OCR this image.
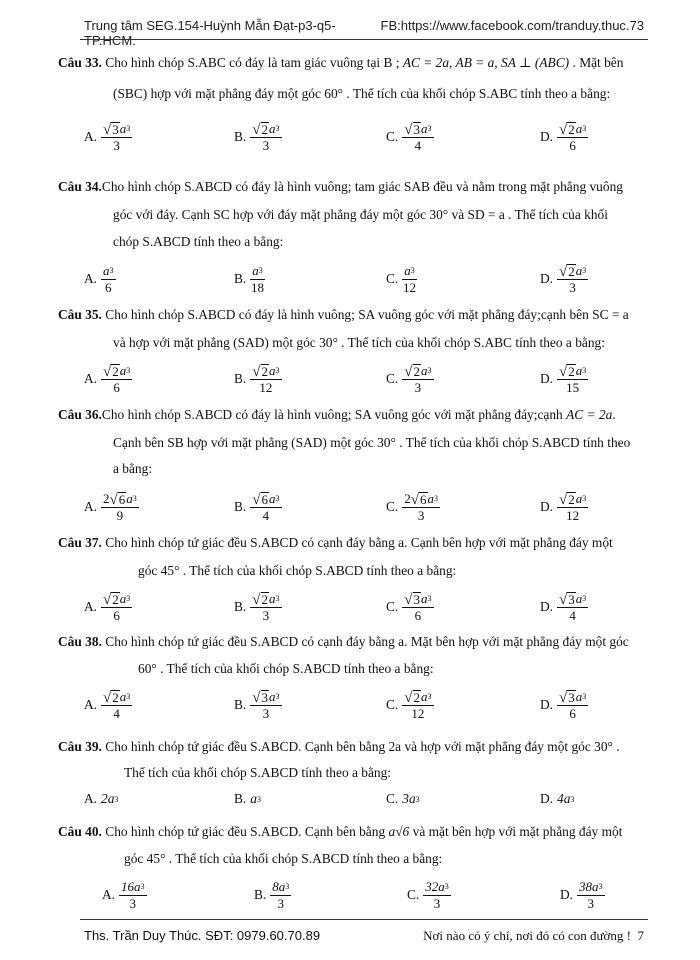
Trung tâm SEG.154-Huỳnh Mẫn Đạt-p3-q5-TP.HCM.
FB:https://www.facebook.com/tranduy.thuc.73
Câu 33. Cho hình chóp S.ABC có đáy là tam giác vuông tại B ; AC = 2a, AB = a, SA ⊥ (ABC) . Mặt bên
(SBC) hợp với mặt phẳng đáy một góc 60° . Thể tích của khối chóp S.ABC tính theo a bằng:
A. $\frac{√ 3 a 3}{3}$	B. $\frac{√ 2 a 3}{3}$	C. $\frac{√ 3 a 3}{4}$	D. $\frac{√ 2 a 3}{6}$
Câu 34.Cho hình chóp S.ABCD có đáy là hình vuông; tam giác SAB đều và nằm trong mặt phẳng vuông
góc với đáy. Cạnh SC hợp với đáy mặt phẳng đáy một góc 30° và SD = a . Thể tích của khối
chóp S.ABCD tính theo a bằng:
A. $\frac{a 3}{6}$	B. $\frac{a 3}{18}$	C. $\frac{a 3}{12}$	D. $\frac{√ 2 a 3}{3}$
Câu 35. Cho hình chóp S.ABCD có đáy là hình vuông; SA vuông góc với mặt phẳng đáy;cạnh bên SC = a
và hợp với mặt phẳng (SAD) một góc 30° . Thể tích của khối chóp S.ABC tính theo a bằng:
A. $\frac{√ 2 a 3}{6}$	B. $\frac{√ 2 a 3}{12}$	C. $\frac{√ 2 a 3}{3}$	D. $\frac{√ 2 a 3}{15}$
Câu 36.Cho hình chóp S.ABCD có đáy là hình vuông; SA vuông góc với mặt phẳng đáy;cạnh AC = 2a.
Cạnh bên SB hợp với mặt phẳng (SAD) một góc 30° . Thể tích của khối chóp S.ABCD tính theo
a bằng:
A. $\frac{2 √ 6 a 3}{9}$	B. $\frac{√ 6 a 3}{4}$	C. $\frac{2 √ 6 a 3}{3}$	D. $\frac{√ 2 a 3}{12}$
Câu 37. Cho hình chóp tứ giác đều S.ABCD có cạnh đáy bằng a. Cạnh bên hợp với mặt phẳng đáy một
góc 45° . Thể tích của khối chóp S.ABCD tính theo a bằng:
A. $\frac{√ 2 a 3}{6}$	B. $\frac{√ 2 a 3}{3}$	C. $\frac{√ 3 a 3}{6}$	D. $\frac{√ 3 a 3}{4}$
Câu 38. Cho hình chóp tứ giác đều S.ABCD có cạnh đáy bằng a. Mặt bên hợp với mặt phẳng đáy một góc
60° . Thể tích của khối chóp S.ABCD tính theo a bằng:
A. $\frac{√ 2 a 3}{4}$	B. $\frac{√ 3 a 3}{3}$	C. $\frac{√ 2 a 3}{12}$	D. $\frac{√ 3 a 3}{6}$
Câu 39. Cho hình chóp tứ giác đều S.ABCD. Cạnh bên bằng 2a và hợp với mặt phẳng đáy một góc 30° .
Thể tích của khối chóp S.ABCD tính theo a bằng:
A. 2a 3	B. a 3	C. 3a 3	D. 4a 3
Câu 40. Cho hình chóp tứ giác đều S.ABCD. Cạnh bên bằng a√6 và mặt bên hợp với mặt phẳng đáy một
góc 45° . Thể tích của khối chóp S.ABCD tính theo a bằng:
A. $\frac{16a 3}{3}$	B. $\frac{8a 3}{3}$	C. $\frac{32a 3}{3}$	D. $\frac{38a 3}{3}$
Ths. Trần Duy Thúc. SĐT: 0979.60.70.89	Nơi nào có ý chí, nơi đó có con đường ! 7
